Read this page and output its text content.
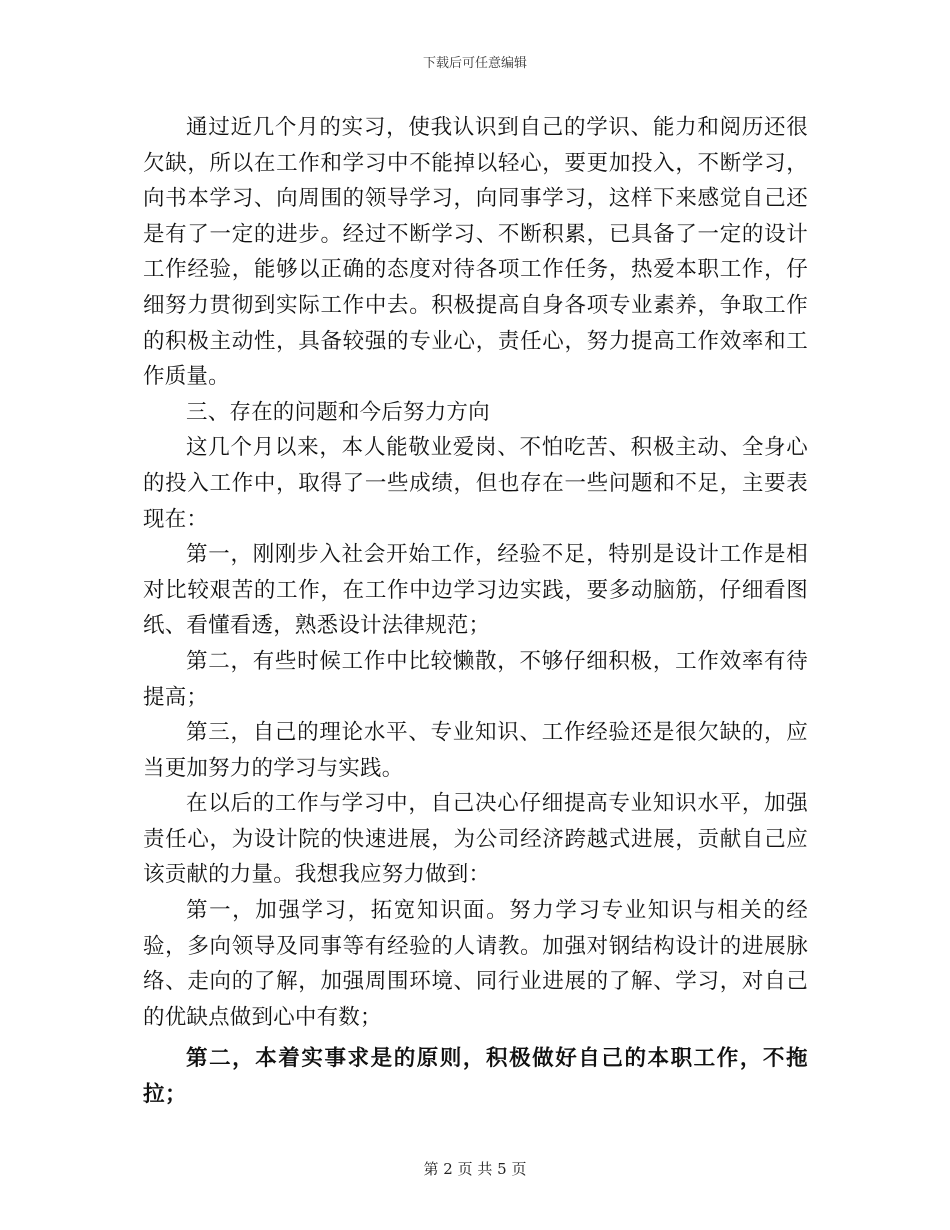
下载后可任意编辑

通过近几个月的实习，使我认识到自己的学识、能力和阅历还很欠缺，所以在工作和学习中不能掉以轻心，要更加投入，不断学习，向书本学习、向周围的领导学习，向同事学习，这样下来感觉自己还是有了一定的进步。经过不断学习、不断积累，已具备了一定的设计工作经验，能够以正确的态度对待各项工作任务，热爱本职工作，仔细努力贯彻到实际工作中去。积极提高自身各项专业素养，争取工作的积极主动性，具备较强的专业心，责任心，努力提高工作效率和工作质量。

三、存在的问题和今后努力方向

这几个月以来，本人能敬业爱岗、不怕吃苦、积极主动、全身心的投入工作中，取得了一些成绩，但也存在一些问题和不足，主要表现在：

第一，刚刚步入社会开始工作，经验不足，特别是设计工作是相对比较艰苦的工作，在工作中边学习边实践，要多动脑筋，仔细看图纸、看懂看透，熟悉设计法律规范；

第二，有些时候工作中比较懒散，不够仔细积极，工作效率有待提高；

第三，自己的理论水平、专业知识、工作经验还是很欠缺的，应当更加努力的学习与实践。

在以后的工作与学习中，自己决心仔细提高专业知识水平，加强责任心，为设计院的快速进展，为公司经济跨越式进展，贡献自己应该贡献的力量。我想我应努力做到：

第一，加强学习，拓宽知识面。努力学习专业知识与相关的经验，多向领导及同事等有经验的人请教。加强对钢结构设计的进展脉络、走向的了解，加强周围环境、同行业进展的了解、学习，对自己的优缺点做到心中有数；

第二，本着实事求是的原则，积极做好自己的本职工作，不拖拉；

第 2 页 共 5 页
